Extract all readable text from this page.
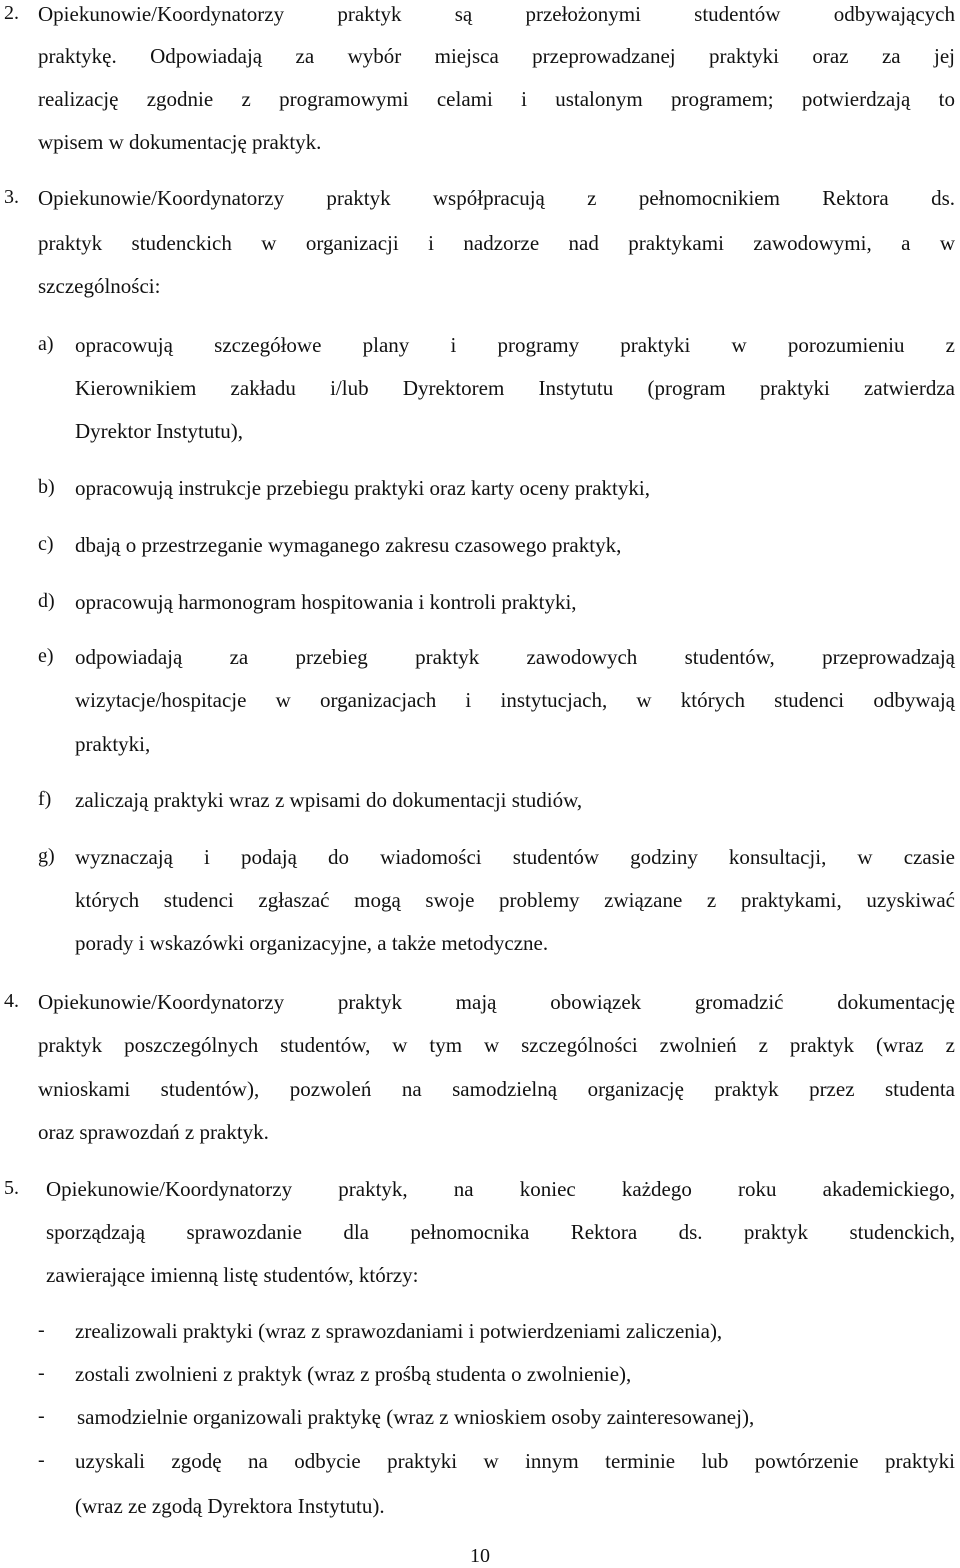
2. Opiekunowie/Koordynatorzy praktyk są przełożonymi studentów odbywających
praktykę. Odpowiadają za wybór miejsca przeprowadzanej praktyki oraz za jej
realizację zgodnie z programowymi celami i ustalonym programem; potwierdzają to
wpisem w dokumentację praktyk.
3. Opiekunowie/Koordynatorzy praktyk współpracują z pełnomocnikiem Rektora ds.
praktyk studenckich w organizacji i nadzorze nad praktykami zawodowymi, a w
szczególności:
a) opracowują szczegółowe plany i programy praktyki w porozumieniu z
Kierownikiem zakładu i/lub Dyrektorem Instytutu (program praktyki zatwierdza
Dyrektor Instytutu),
b) opracowują instrukcje przebiegu praktyki oraz karty oceny praktyki,
c) dbają o przestrzeganie wymaganego zakresu czasowego praktyk,
d) opracowują harmonogram hospitowania i kontroli praktyki,
e) odpowiadają za przebieg praktyk zawodowych studentów, przeprowadzają
wizytacje/hospitacje w organizacjach i instytucjach, w których studenci odbywają
praktyki,
f) zaliczają praktyki wraz z wpisami do dokumentacji studiów,
g) wyznaczają i podają do wiadomości studentów godziny konsultacji, w czasie
których studenci zgłaszać mogą swoje problemy związane z praktykami, uzyskiwać
porady i wskazówki organizacyjne, a także metodyczne.
4. Opiekunowie/Koordynatorzy praktyk mają obowiązek gromadzić dokumentację
praktyk poszczególnych studentów, w tym w szczególności zwolnień z praktyk (wraz z
wnioskami studentów), pozwoleń na samodzielną organizację praktyk przez studenta
oraz sprawozdań z praktyk.
5. Opiekunowie/Koordynatorzy praktyk, na koniec każdego roku akademickiego,
sporządzają sprawozdanie dla pełnomocnika Rektora ds. praktyk studenckich,
zawierające imienną listę studentów, którzy:
- zrealizowali praktyki (wraz z sprawozdaniami i potwierdzeniami zaliczenia),
- zostali zwolnieni z praktyk (wraz z prośbą studenta o zwolnienie),
- samodzielnie organizowali praktykę (wraz z wnioskiem osoby zainteresowanej),
- uzyskali zgodę na odbycie praktyki w innym terminie lub powtórzenie praktyki
(wraz ze zgodą Dyrektora Instytutu).
10
